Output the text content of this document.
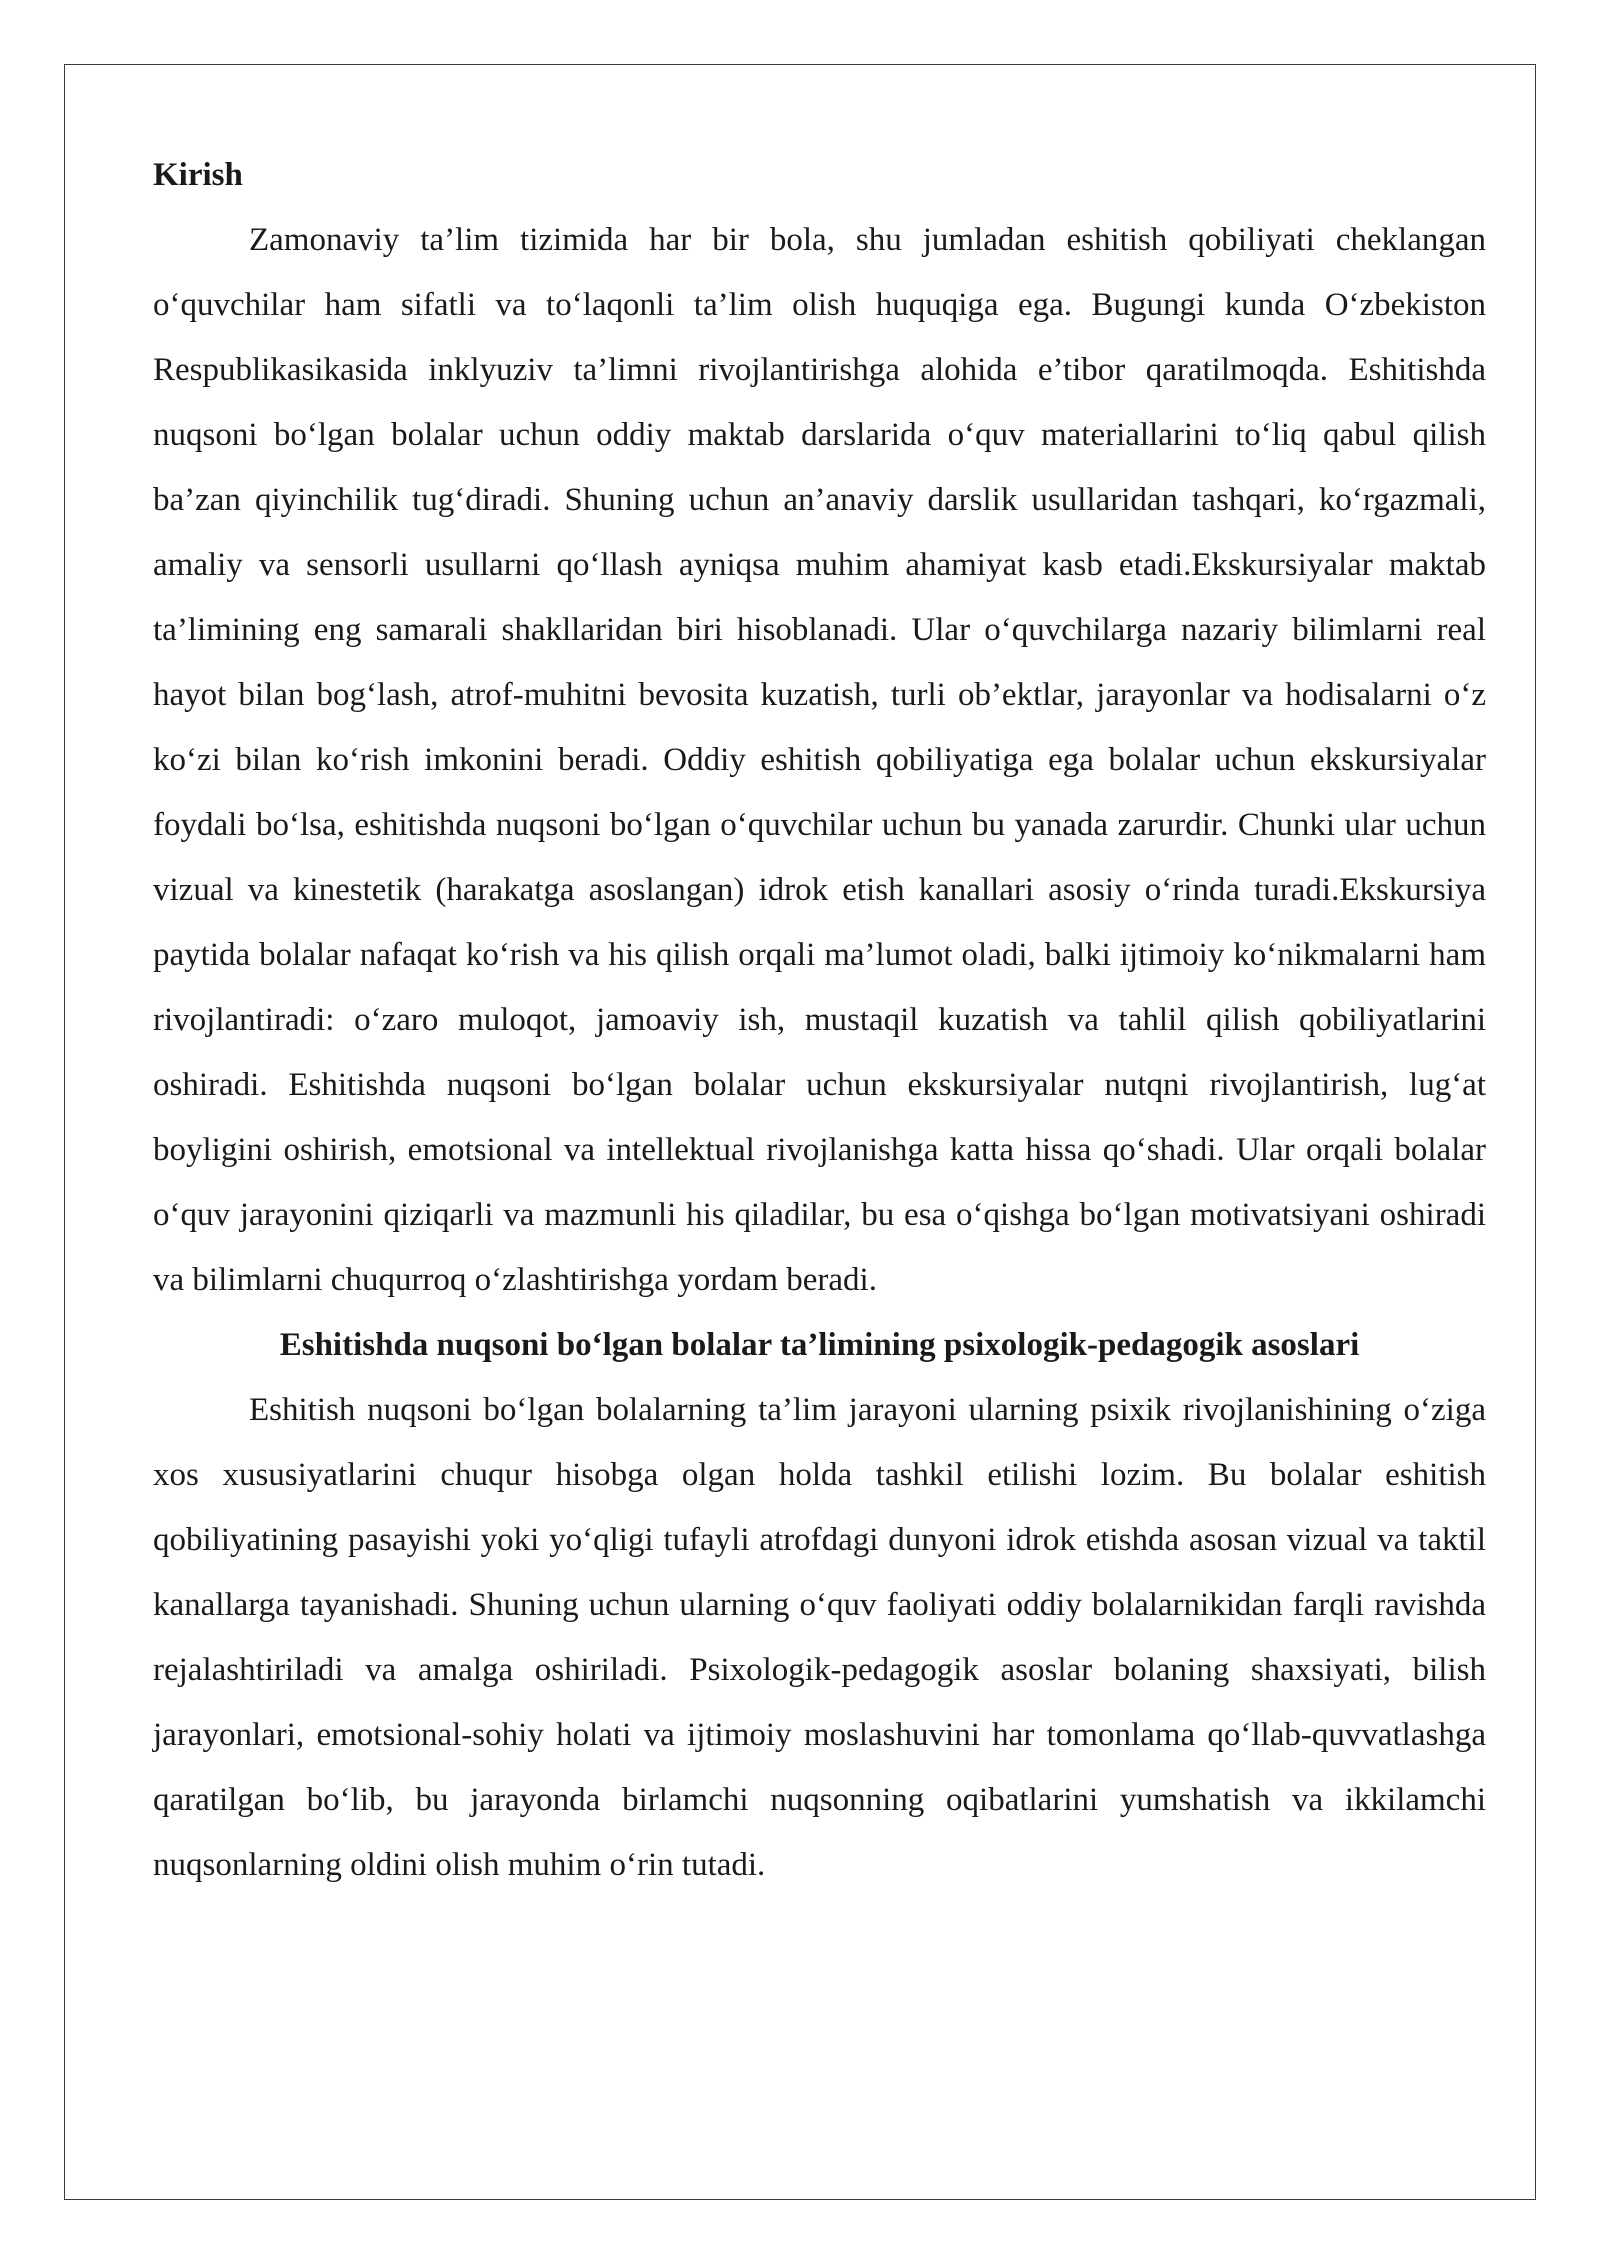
Kirish

Zamonaviy ta’lim tizimida har bir bola, shu jumladan eshitish qobiliyati cheklangan o‘quvchilar ham sifatli va to‘laqonli ta’lim olish huquqiga ega. Bugungi kunda O‘zbekiston Respublikasikasida inklyuziv ta’limni rivojlantirishga alohida e’tibor qaratilmoqda. Eshitishda nuqsoni bo‘lgan bolalar uchun oddiy maktab darslarida o‘quv materiallarini to‘liq qabul qilish ba’zan qiyinchilik tug‘diradi. Shuning uchun an’anaviy darslik usullaridan tashqari, ko‘rgazmali, amaliy va sensorli usullarni qo‘llash ayniqsa muhim ahamiyat kasb etadi.Ekskursiyalar maktab ta’limining eng samarali shakllaridan biri hisoblanadi. Ular o‘quvchilarga nazariy bilimlarni real hayot bilan bog‘lash, atrof-muhitni bevosita kuzatish, turli ob’ektlar, jarayonlar va hodisalarni o‘z ko‘zi bilan ko‘rish imkonini beradi. Oddiy eshitish qobiliyatiga ega bolalar uchun ekskursiyalar foydali bo‘lsa, eshitishda nuqsoni bo‘lgan o‘quvchilar uchun bu yanada zarurdir. Chunki ular uchun vizual va kinestetik (harakatga asoslangan) idrok etish kanallari asosiy o‘rinda turadi.Ekskursiya paytida bolalar nafaqat ko‘rish va his qilish orqali ma’lumot oladi, balki ijtimoiy ko‘nikmalarni ham rivojlantiradi: o‘zaro muloqot, jamoaviy ish, mustaqil kuzatish va tahlil qilish qobiliyatlarini oshiradi. Eshitishda nuqsoni bo‘lgan bolalar uchun ekskursiyalar nutqni rivojlantirish, lug‘at boyligini oshirish, emotsional va intellektual rivojlanishga katta hissa qo‘shadi. Ular orqali bolalar o‘quv jarayonini qiziqarli va mazmunli his qiladilar, bu esa o‘qishga bo‘lgan motivatsiyani oshiradi va bilimlarni chuqurroq o‘zlashtirishga yordam beradi.

Eshitishda nuqsoni bo‘lgan bolalar ta’limining psixologik-pedagogik asoslari

Eshitish nuqsoni bo‘lgan bolalarning ta’lim jarayoni ularning psixik rivojlanishining o‘ziga xos xususiyatlarini chuqur hisobga olgan holda tashkil etilishi lozim. Bu bolalar eshitish qobiliyatining pasayishi yoki yo‘qligi tufayli atrofdagi dunyoni idrok etishda asosan vizual va taktil kanallarga tayanishadi. Shuning uchun ularning o‘quv faoliyati oddiy bolalarnikidan farqli ravishda rejalashtiriladi va amalga oshiriladi. Psixologik-pedagogik asoslar bolaning shaxsiyati, bilish jarayonlari, emotsional-sohiy holati va ijtimoiy moslashuvini har tomonlama qo‘llab-quvvatlashga qaratilgan bo‘lib, bu jarayonda birlamchi nuqsonning oqibatlarini yumshatish va ikkilamchi nuqsonlarning oldini olish muhim o‘rin tutadi.
